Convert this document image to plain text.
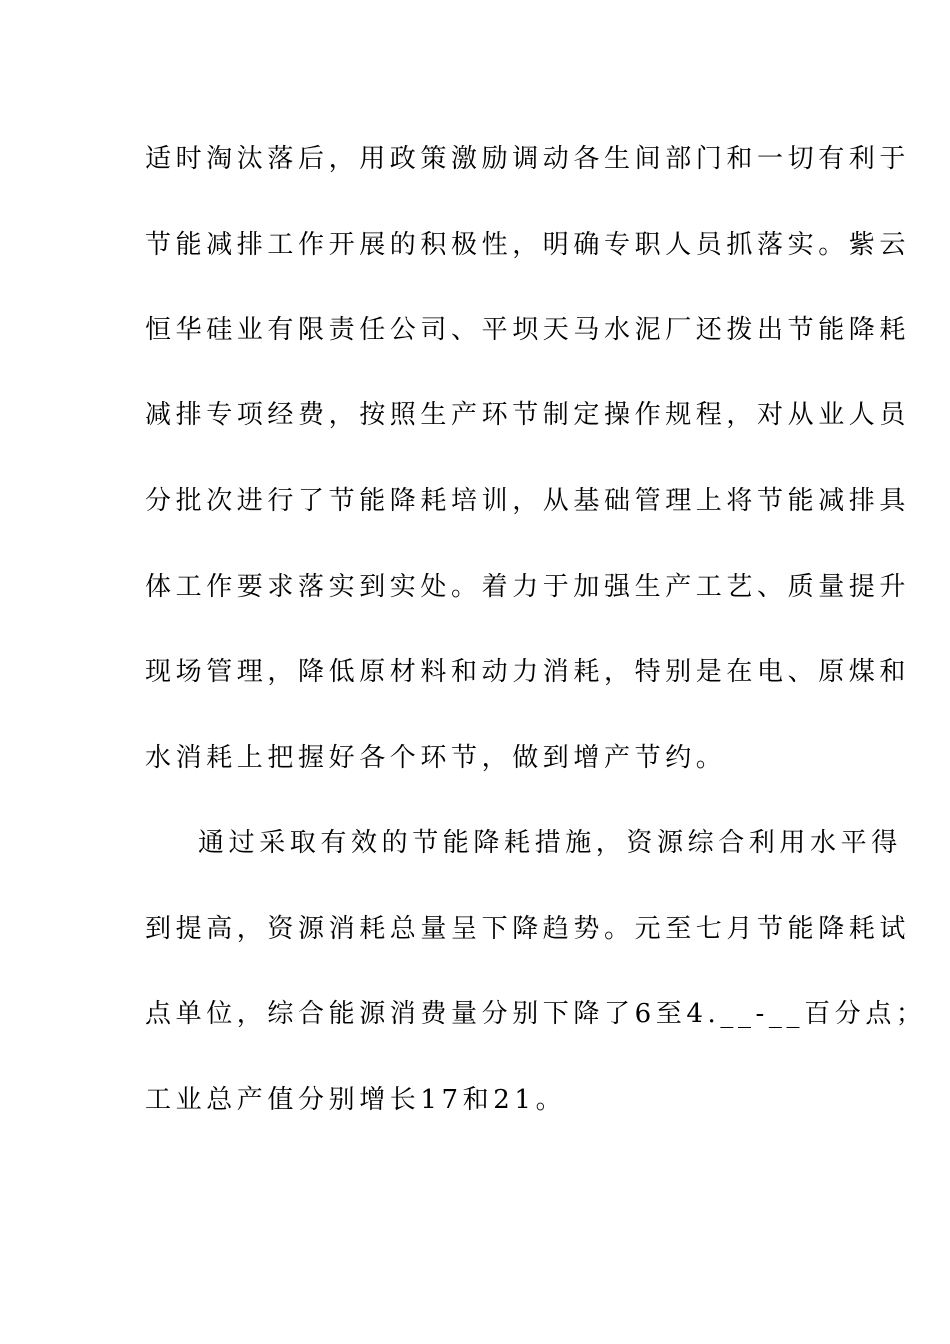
适时淘汰落后，用政策激励调动各生间部门和一切有利于
节能减排工作开展的积极性，明确专职人员抓落实。紫云
恒华硅业有限责任公司、平坝天马水泥厂还拨出节能降耗
减排专项经费，按照生产环节制定操作规程，对从业人员
分批次进行了节能降耗培训，从基础管理上将节能减排具
体工作要求落实到实处。着力于加强生产工艺、质量提升
现场管理，降低原材料和动力消耗，特别是在电、原煤和
水消耗上把握好各个环节，做到增产节约。
通过采取有效的节能降耗措施，资源综合利用水平得
到提高，资源消耗总量呈下降趋势。元至七月节能降耗试
点单位，综合能源消费量分别下降了6至4.__-__百分点；
工业总产值分别增长17和21。
